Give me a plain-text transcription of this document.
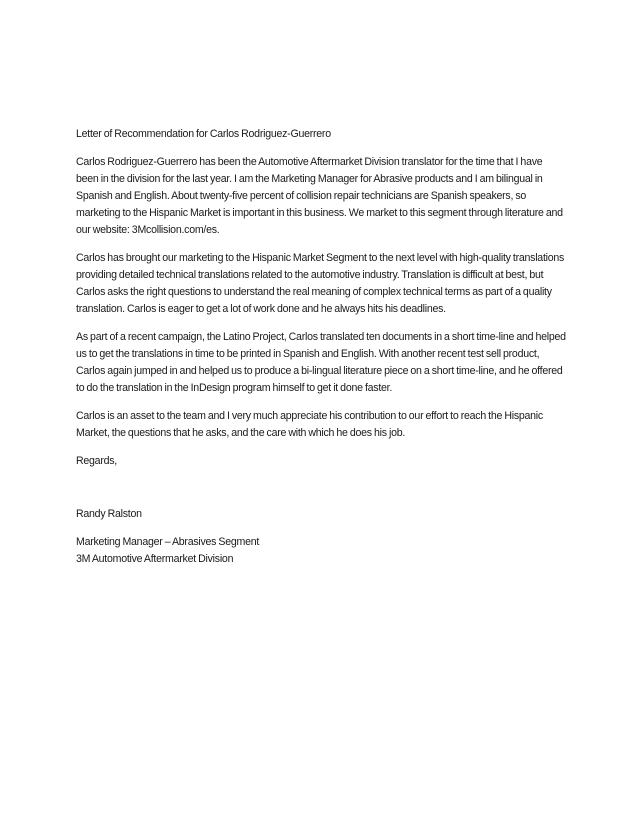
Letter of Recommendation for Carlos Rodriguez-Guerrero

Carlos Rodriguez-Guerrero has been the Automotive Aftermarket Division translator for the time that I have been in the division for the last year. I am the Marketing Manager for Abrasive products and I am bilingual in Spanish and English. About twenty-five percent of collision repair technicians are Spanish speakers, so marketing to the Hispanic Market is important in this business. We market to this segment through literature and our website: 3Mcollision.com/es.

Carlos has brought our marketing to the Hispanic Market Segment to the next level with high-quality translations providing detailed technical translations related to the automotive industry. Translation is difficult at best, but Carlos asks the right questions to understand the real meaning of complex technical terms as part of a quality translation. Carlos is eager to get a lot of work done and he always hits his deadlines.

As part of a recent campaign, the Latino Project, Carlos translated ten documents in a short time-line and helped us to get the translations in time to be printed in Spanish and English. With another recent test sell product, Carlos again jumped in and helped us to produce a bi-lingual literature piece on a short time-line, and he offered to do the translation in the InDesign program himself to get it done faster.

Carlos is an asset to the team and I very much appreciate his contribution to our effort to reach the Hispanic Market, the questions that he asks, and the care with which he does his job.

Regards,

Randy Ralston

Marketing Manager – Abrasives Segment
3M Automotive Aftermarket Division
